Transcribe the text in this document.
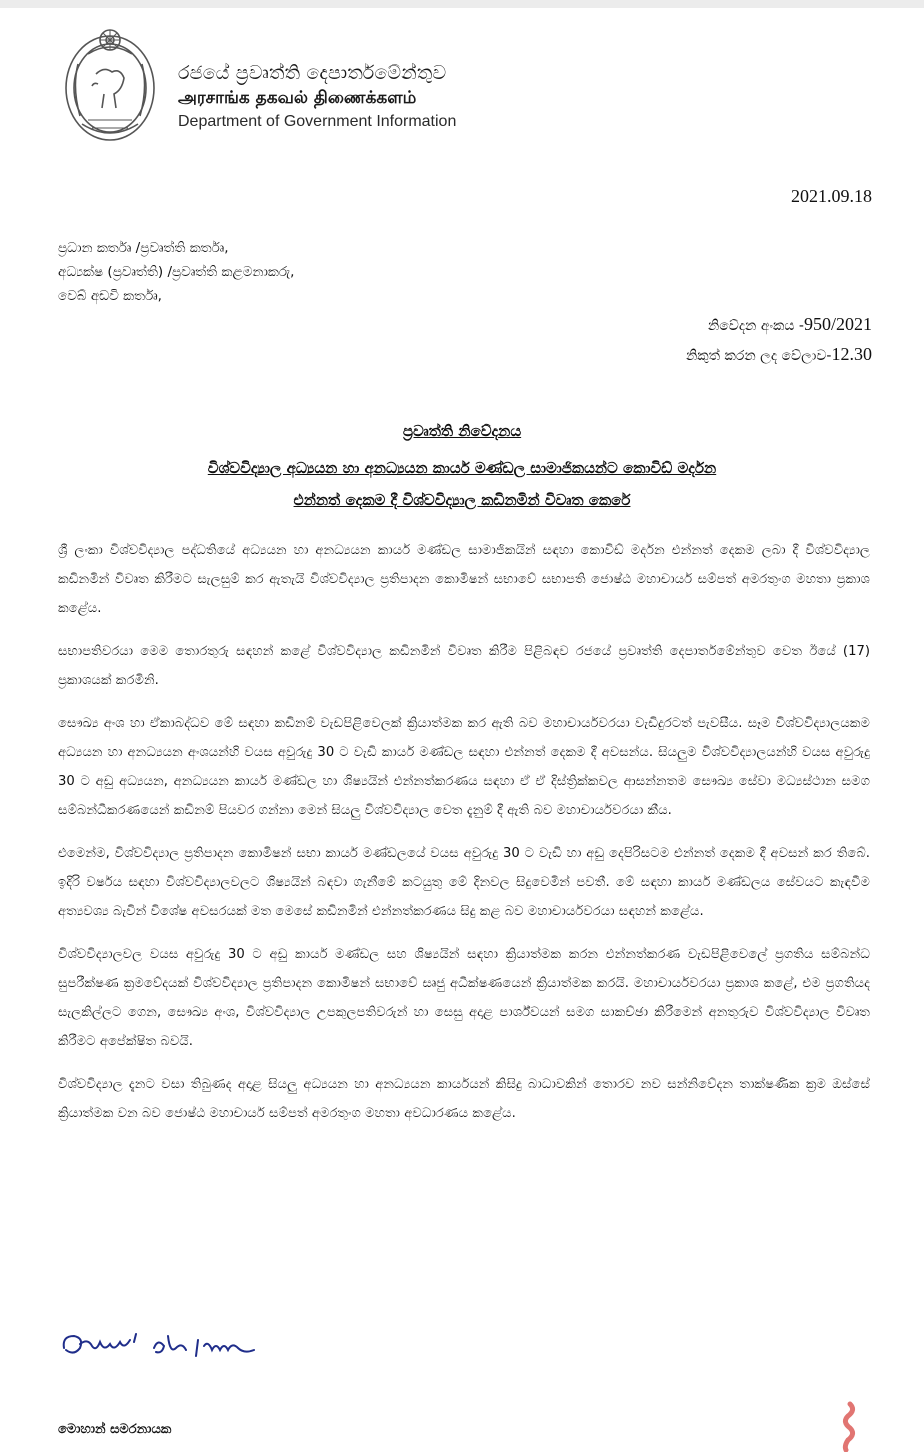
රජයේ ප්‍රවෘත්ති දෙපාර්තමේන්තුව
அரசாங்க தகவல் திணைக்களம்
Department of Government Information
2021.09.18
ප්‍රධාන කර්තෘ /ප්‍රවෘත්ති කර්තෘ,
අධ්‍යක්ෂ (ප්‍රවෘත්ති) /ප්‍රවෘත්ති කළමනාකරු,
වෙබ් අඩවි කර්තෘ,
නිවේදන අංකය -950/2021
නිකුත් කරන ලද වේලාව-12.30
ප්‍රවෘත්ති නිවේදනය
විශ්වවිද්‍යාල අධ්‍යයන හා අනධ්‍යයන කාර්ය මණ්ඩල සාමාජිකයන්ට කොවිඩ් මර්දන
එන්නත් දෙකම දී විශ්වවිද්‍යාල කඩිනමින් විවෘත කෙරේ

ශ්‍රී ලංකා විශ්වවිද්‍යාල පද්ධතියේ අධ්‍යයන හා අනධ්‍යයන කාර්ය මණ්ඩල සාමාජිකයින් සඳහා කොවිඩ් මර්දන එන්නත් දෙකම ලබා දී විශ්වවිද්‍යාල කඩිනමින් විවෘත කිරීමට සැලසුම් කර ඇතැයි විශ්වවිද්‍යාල ප්‍රතිපාදන කොමිෂන් සභාවේ සභාපති ජොෂ්ඨ මහාචාර්ය සම්පත් අමරතුංග මහතා ප්‍රකාශ කළේය.

සභාපතිවරයා මෙම තොරතුරු සඳහන් කළේ විශ්වවිද්‍යාල කඩිනමින් විවෘත කිරීම පිළිබඳව රජයේ ප්‍රවෘත්ති දෙපාර්තමේන්තුව වෙත ඊයේ (17) ප්‍රකාශයක් කරමිනි.

සෞඛ්‍ය අංශ හා ඒකාබද්ධව මේ සඳහා කඩිනම් වැඩපිළිවෙලක් ක්‍රියාත්මක කර ඇති බව මහාචාර්යවරයා වැඩිදුරටත් පැවසීය. සෑම විශ්වවිද්‍යාලයකම අධ්‍යයන හා අනධ්‍යයන අංශයන්හි වයස අවුරුදු 30 ට වැඩි කාර්ය මණ්ඩල සඳහා එන්නත් දෙකම දී අවසන්ය. සියලුම විශ්වවිද්‍යාලයන්හි වයස අවුරුදු 30 ට අඩු අධ්‍යයන, අනධ්‍යයන කාර්ය මණ්ඩල හා ශිෂ්‍යයින් එන්නත්කරණය සඳහා ඒ ඒ දිස්ත්‍රික්කවල ආසන්නතම සෞඛ්‍ය සේවා මධ්‍යස්ථාන සමග සම්බන්ධීකරණයෙන් කඩිනම් පියවර ගන්නා මෙන් සියලු විශ්වවිද්‍යාල වෙත දැනුම් දී ඇති බව මහාචාර්යවරයා කීය.

එමෙන්ම, විශ්වවිද්‍යාල ප්‍රතිපාදන කොමිෂන් සභා කාර්ය මණ්ඩලයේ වයස අවුරුදු 30 ට වැඩි හා අඩු දෙපිරිසටම එන්නත් දෙකම දී අවසන් කර තිබේ. ඉදිරි වර්ෂය සඳහා විශ්වවිද්‍යාලවලට ශිෂ්‍යයින් බඳවා ගැනීමේ කටයුතු මේ දිනවල සිදුවෙමින් පවතී. මේ සඳහා කාර්ය මණ්ඩලය සේවයට කැඳවීම අත්‍යවශ්‍ය බැවින් විශේෂ අවසරයක් මත මෙසේ කඩිනමින් එන්නත්කරණය සිදු කළ බව මහාචාර්යවරයා සඳහන් කළේය.

විශ්වවිද්‍යාලවල වයස අවුරුදු 30 ට අඩු කාර්ය මණ්ඩල සහ ශිෂ්‍යයින් සඳහා ක්‍රියාත්මක කරන එන්නත්කරණ වැඩපිළිවෙලේ ප්‍රගතිය සම්බන්ධ සුපරීක්ෂණ ක්‍රමවේදයක් විශ්වවිද්‍යාල ප්‍රතිපාදන කොමිෂන් සභාවේ සෘජු අධීක්ෂණයෙන් ක්‍රියාත්මක කරයි. මහාචාර්යවරයා ප්‍රකාශ කළේ, එම ප්‍රගතියද සැලකිල්ලට ගෙන, සෞඛ්‍ය අංශ, විශ්වවිද්‍යාල උපකුලපතිවරුන් හා සෙසු අදාළ පාර්ශ්වයන් සමග සාකච්ඡා කිරීමෙන් අනතුරුව විශ්වවිද්‍යාල විවෘත කිරීමට අපේක්ෂිත බවයි.

විශ්වවිද්‍යාල දැනට වසා තිබුණද අදාළ සියලු අධ්‍යයන හා අනධ්‍යයන කාර්යයන් කිසිදු බාධාවකින් තොරව නව සන්නිවේදන තාක්ෂණික ක්‍රම ඔස්සේ ක්‍රියාත්මක වන බව ජොෂ්ඨ මහාචාර්ය සම්පත් අමරතුංග මහතා අවධාරණය කළේය.

මොහාන් සමරනායක
